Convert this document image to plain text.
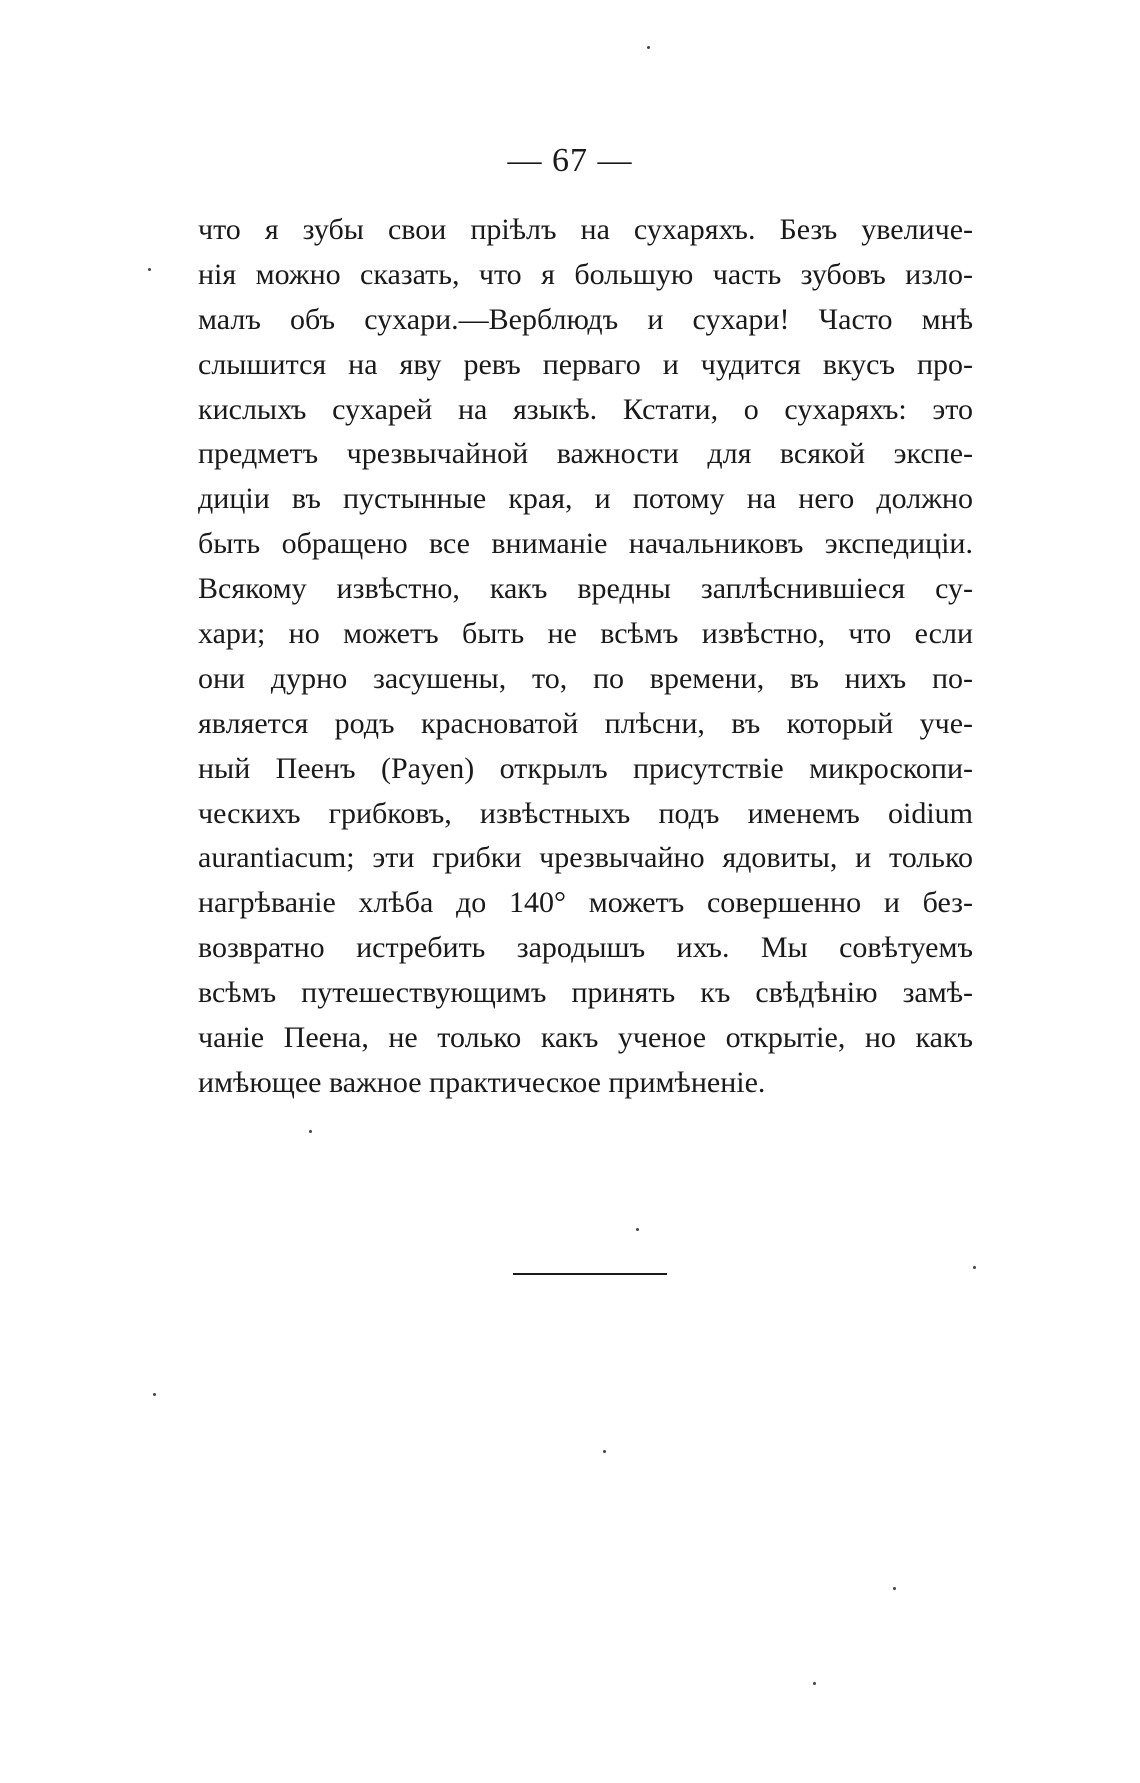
— 67 —
что я зубы свои прiѣлъ на сухаряхъ. Безъ увеличе-
нiя можно сказать, что я большую часть зубовъ изло-
малъ объ сухари.—Верблюдъ и сухари! Часто мнѣ
слышится на яву ревъ перваго и чудится вкусъ про-
кислыхъ сухарей на языкѣ. Кстати, о сухаряхъ: это
предметъ чрезвычайной важности для всякой экспе-
диціи въ пустынные края, и потому на него должно
быть обращено все вниманiе начальниковъ экспедиціи.
Всякому извѣстно, какъ вредны заплѣснившiеся су-
хари; но можетъ быть не всѣмъ извѣстно, что если
они дурно засушены, то, по времени, въ нихъ по-
является родъ красноватой плѣсни, въ который уче-
ный Пеенъ (Payen) открылъ присутствiе микроскопи-
ческихъ грибковъ, извѣстныхъ подъ именемъ oidium
aurantiacum; эти грибки чрезвычайно ядовиты, и только
нагрѣванiе хлѣба до 140° можетъ совершенно и без-
возвратно истребить зародышъ ихъ. Мы совѣтуемъ
всѣмъ путешествующимъ принять къ свѣдѣнiю замѣ-
чанiе Пеена, не только какъ ученое открытiе, но какъ
имѣющее важное практическое примѣненiе.
